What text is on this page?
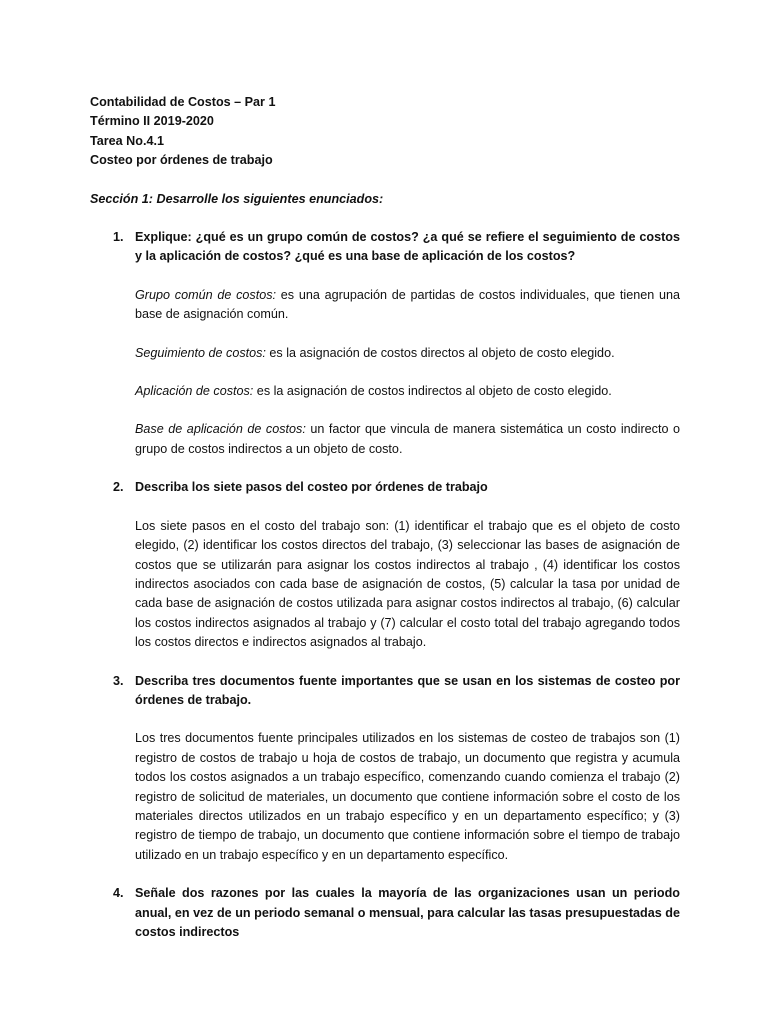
Contabilidad de Costos – Par 1
Término II 2019-2020
Tarea No.4.1
Costeo por órdenes de trabajo
Sección 1: Desarrolle los siguientes enunciados:
1. Explique: ¿qué es un grupo común de costos? ¿a qué se refiere el seguimiento de costos y la aplicación de costos? ¿qué es una base de aplicación de los costos?
Grupo común de costos: es una agrupación de partidas de costos individuales, que tienen una base de asignación común.
Seguimiento de costos: es la asignación de costos directos al objeto de costo elegido.
Aplicación de costos: es la asignación de costos indirectos al objeto de costo elegido.
Base de aplicación de costos: un factor que vincula de manera sistemática un costo indirecto o grupo de costos indirectos a un objeto de costo.
2. Describa los siete pasos del costeo por órdenes de trabajo
Los siete pasos en el costo del trabajo son: (1) identificar el trabajo que es el objeto de costo elegido, (2) identificar los costos directos del trabajo, (3) seleccionar las bases de asignación de costos que se utilizarán para asignar los costos indirectos al trabajo , (4) identificar los costos indirectos asociados con cada base de asignación de costos, (5) calcular la tasa por unidad de cada base de asignación de costos utilizada para asignar costos indirectos al trabajo, (6) calcular los costos indirectos asignados al trabajo y (7) calcular el costo total del trabajo agregando todos los costos directos e indirectos asignados al trabajo.
3. Describa tres documentos fuente importantes que se usan en los sistemas de costeo por órdenes de trabajo.
Los tres documentos fuente principales utilizados en los sistemas de costeo de trabajos son (1) registro de costos de trabajo u hoja de costos de trabajo, un documento que registra y acumula todos los costos asignados a un trabajo específico, comenzando cuando comienza el trabajo (2) registro de solicitud de materiales, un documento que contiene información sobre el costo de los materiales directos utilizados en un trabajo específico y en un departamento específico; y (3) registro de tiempo de trabajo, un documento que contiene información sobre el tiempo de trabajo utilizado en un trabajo específico y en un departamento específico.
4. Señale dos razones por las cuales la mayoría de las organizaciones usan un periodo anual, en vez de un periodo semanal o mensual, para calcular las tasas presupuestadas de costos indirectos
